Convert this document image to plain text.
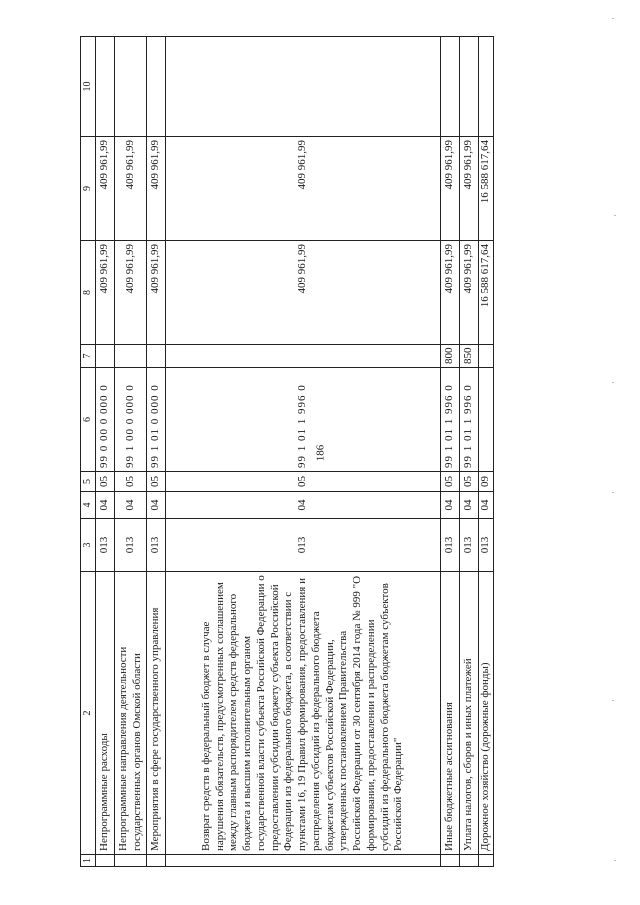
186
1	2	3	4	5	6	7	8	9	10
	Непрограммные расходы	013	04	05	99 0 00 0 000 0		409 961,99	409 961,99	
	Непрограммные направления деятельности государственных органов Омской области	013	04	05	99 1 00 0 000 0		409 961,99	409 961,99	
	Мероприятия в сфере государственного управления	013	04	05	99 1 01 0 000 0		409 961,99	409 961,99	
	Возврат средств в федеральный бюджет в случае нарушения обязательств, предусмотренных соглашением между главным распорядителем средств федерального бюджета и высшим исполнительным органом государственной власти субъекта Российской Федерации о предоставлении субсидии бюджету субъекта Российской Федерации из федерального бюджета, в соответствии с пунктами 16, 19 Правил формирования, предоставления и распределения субсидий из федерального бюджета бюджетам субъектов Российской Федерации, утвержденных постановлением Правительства Российской Федерации от 30 сентября 2014 года № 999 "О формировании, предоставлении и распределении субсидий из федерального бюджета бюджетам субъектов Российской Федерации"	013	04	05	99 1 01 1 996 0		409 961,99	409 961,99	
	Иные бюджетные ассигнования	013	04	05	99 1 01 1 996 0	800	409 961,99	409 961,99	
	Уплата налогов, сборов и иных платежей	013	04	05	99 1 01 1 996 0	850	409 961,99	409 961,99	
	Дорожное хозяйство (дорожные фонды)	013	04	09			16 588 617,64	16 588 617,64	
